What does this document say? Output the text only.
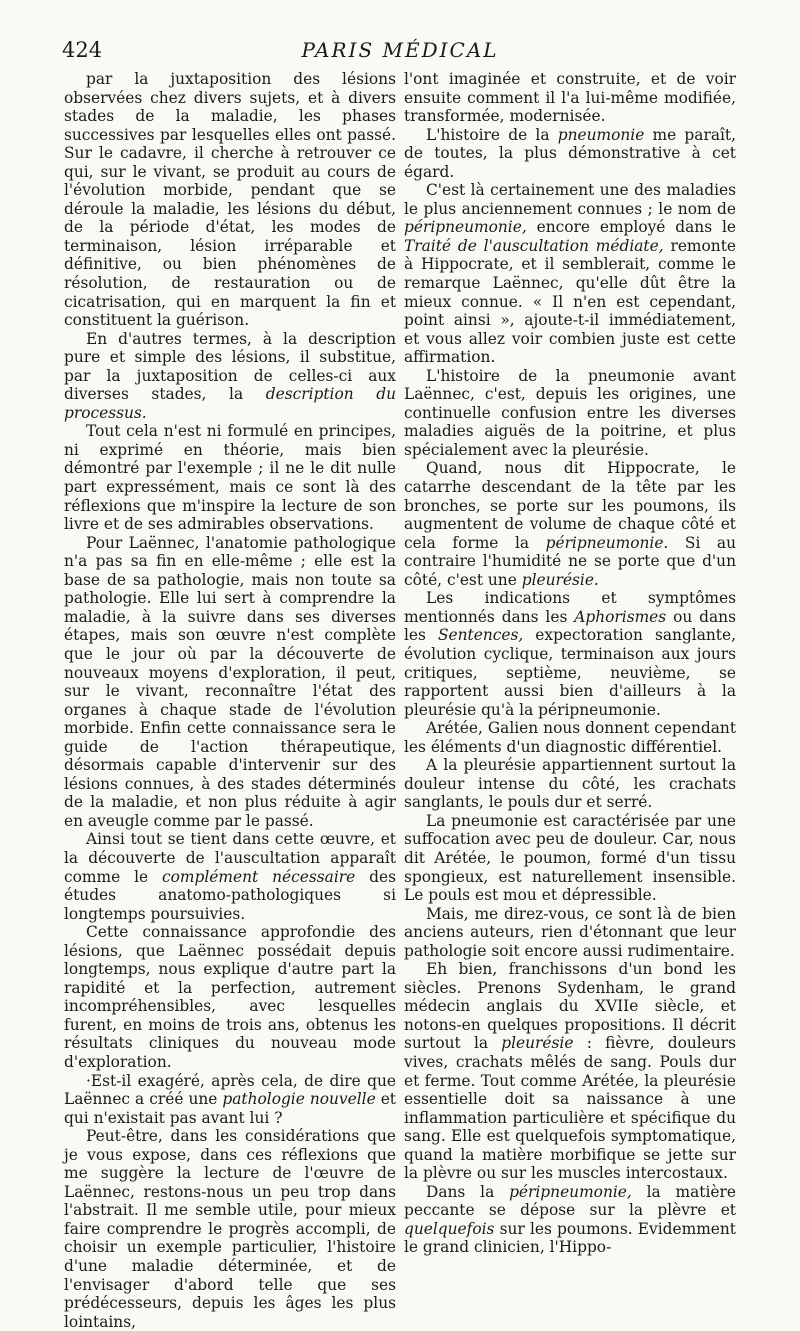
424	PARIS MÉDICAL

par la juxtaposition des lésions observées chez divers sujets, et à divers stades de la maladie, les phases successives par lesquelles elles ont passé. Sur le cadavre, il cherche à retrouver ce qui, sur le vivant, se produit au cours de l'évolution morbide, pendant que se déroule la maladie, les lésions du début, de la période d'état, les modes de terminaison, lésion irréparable et définitive, ou bien phénomènes de résolution, de restauration ou de cicatrisation, qui en marquent la fin et constituent la guérison.

En d'autres termes, à la description pure et simple des lésions, il substitue, par la juxtaposition de celles-ci aux diverses stades, la description du processus.

Tout cela n'est ni formulé en principes, ni exprimé en théorie, mais bien démontré par l'exemple ; il ne le dit nulle part expressément, mais ce sont là des réflexions que m'inspire la lecture de son livre et de ses admirables observations.

Pour Laënnec, l'anatomie pathologique n'a pas sa fin en elle-même ; elle est la base de sa pathologie, mais non toute sa pathologie. Elle lui sert à comprendre la maladie, à la suivre dans ses diverses étapes, mais son œuvre n'est complète que le jour où par la découverte de nouveaux moyens d'exploration, il peut, sur le vivant, reconnaître l'état des organes à chaque stade de l'évolution morbide. Enfin cette connaissance sera le guide de l'action thérapeutique, désormais capable d'intervenir sur des lésions connues, à des stades déterminés de la maladie, et non plus réduite à agir en aveugle comme par le passé.

Ainsi tout se tient dans cette œuvre, et la découverte de l'auscultation apparaît comme le complément nécessaire des études anatomo-pathologiques si longtemps poursuivies.

Cette connaissance approfondie des lésions, que Laënnec possédait depuis longtemps, nous explique d'autre part la rapidité et la perfection, autrement incompréhensibles, avec lesquelles furent, en moins de trois ans, obtenus les résultats cliniques du nouveau mode d'exploration.

·Est-il exagéré, après cela, de dire que Laënnec a créé une pathologie nouvelle et qui n'existait pas avant lui ?

Peut-être, dans les considérations que je vous expose, dans ces réflexions que me suggère la lecture de l'œuvre de Laënnec, restons-nous un peu trop dans l'abstrait. Il me semble utile, pour mieux faire comprendre le progrès accompli, de choisir un exemple particulier, l'histoire d'une maladie déterminée, et de l'envisager d'abord telle que ses prédécesseurs, depuis les âges les plus lointains,

l'ont imaginée et construite, et de voir ensuite comment il l'a lui-même modifiée, transformée, modernisée.

L'histoire de la pneumonie me paraît, de toutes, la plus démonstrative à cet égard.

C'est là certainement une des maladies le plus anciennement connues ; le nom de péripneumonie, encore employé dans le Traité de l'auscultation médiate, remonte à Hippocrate, et il semblerait, comme le remarque Laënnec, qu'elle dût être la mieux connue. « Il n'en est cependant, point ainsi », ajoute-t-il immédiatement, et vous allez voir combien juste est cette affirmation.

L'histoire de la pneumonie avant Laënnec, c'est, depuis les origines, une continuelle confusion entre les diverses maladies aiguës de la poitrine, et plus spécialement avec la pleurésie.

Quand, nous dit Hippocrate, le catarrhe descendant de la tête par les bronches, se porte sur les poumons, ils augmentent de volume de chaque côté et cela forme la péripneumonie. Si au contraire l'humidité ne se porte que d'un côté, c'est une pleurésie.

Les indications et symptômes mentionnés dans les Aphorismes ou dans les Sentences, expectoration sanglante, évolution cyclique, terminaison aux jours critiques, septième, neuvième, se rapportent aussi bien d'ailleurs à la pleurésie qu'à la péripneumonie.

Arétée, Galien nous donnent cependant les éléments d'un diagnostic différentiel.

A la pleurésie appartiennent surtout la douleur intense du côté, les crachats sanglants, le pouls dur et serré.

La pneumonie est caractérisée par une suffocation avec peu de douleur. Car, nous dit Arétée, le poumon, formé d'un tissu spongieux, est naturellement insensible. Le pouls est mou et dépressible.

Mais, me direz-vous, ce sont là de bien anciens auteurs, rien d'étonnant que leur pathologie soit encore aussi rudimentaire.

Eh bien, franchissons d'un bond les siècles. Prenons Sydenham, le grand médecin anglais du XVIIe siècle, et notons-en quelques propositions. Il décrit surtout la pleurésie : fièvre, douleurs vives, crachats mêlés de sang. Pouls dur et ferme. Tout comme Arétée, la pleurésie essentielle doit sa naissance à une inflammation particulière et spécifique du sang. Elle est quelquefois symptomatique, quand la matière morbifique se jette sur la plèvre ou sur les muscles intercostaux.

Dans la péripneumonie, la matière peccante se dépose sur la plèvre et quelquefois sur les poumons. Evidemment le grand clinicien, l'Hippo-
